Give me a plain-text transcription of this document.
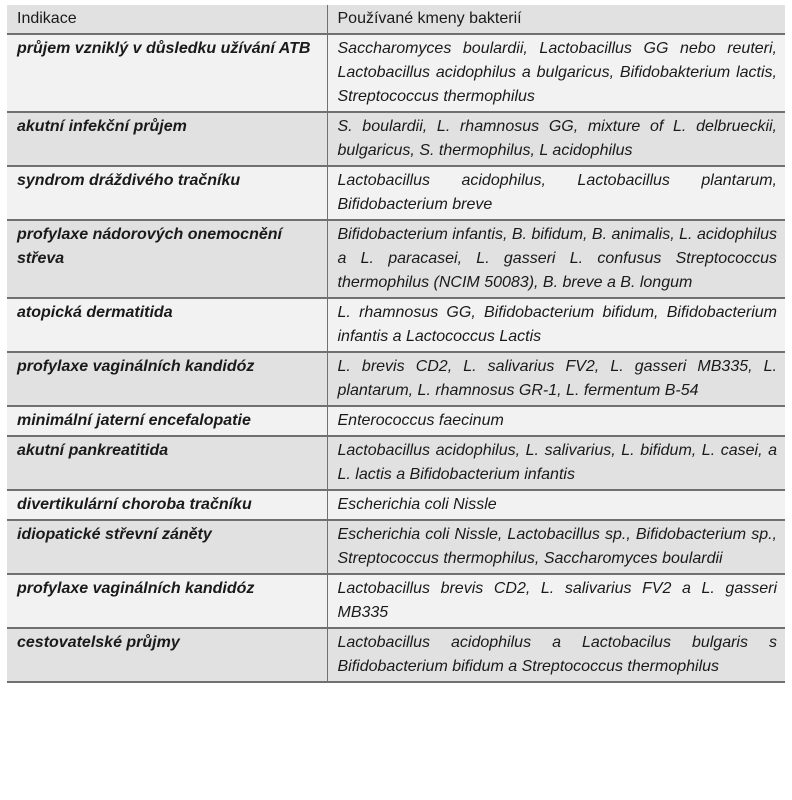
Indikace	Používané kmeny bakterií
průjem vzniklý v důsledku užívání ATB	Saccharomyces boulardii, Lactobacillus GG nebo reuteri, Lactobacillus acidophilus a bulgaricus, Bifidobakterium lactis, Streptococcus thermophilus
akutní infekční průjem	S. boulardii, L. rhamnosus GG, mixture of L. delbrueckii, bulgaricus, S. thermophilus, L acidophilus
syndrom dráždivého tračníku	Lactobacillus acidophilus, Lactobacillus plantarum, Bifidobacterium breve
profylaxe nádorových onemocnění střeva	Bifidobacterium infantis, B. bifidum, B. animalis, L. acidophilus a L. paracasei, L. gasseri L. confusus Streptococcus thermophilus (NCIM 50083), B. breve a B. longum
atopická dermatitida	L. rhamnosus GG, Bifidobacterium bifidum, Bifidobacterium infantis a Lactococcus Lactis
profylaxe vaginálních kandidóz	L. brevis CD2, L. salivarius FV2, L. gasseri MB335, L. plantarum, L. rhamnosus GR-1, L. fermentum B-54
minimální jaterní encefalopatie	Enterococcus faecinum
akutní pankreatitida	Lactobacillus acidophilus, L. salivarius, L. bifidum, L. casei, a L. lactis a Bifidobacterium infantis
divertikulární choroba tračníku	Escherichia coli Nissle
idiopatické střevní záněty	Escherichia coli Nissle, Lactobacillus sp., Bifidobacterium sp., Streptococcus thermophilus, Saccharomyces boulardii
profylaxe vaginálních kandidóz	Lactobacillus brevis CD2, L. salivarius FV2 a L. gasseri MB335
cestovatelské průjmy	Lactobacillus acidophilus a Lactobacilus bulgaris s Bifidobacterium bifidum a Streptococcus thermophilus
